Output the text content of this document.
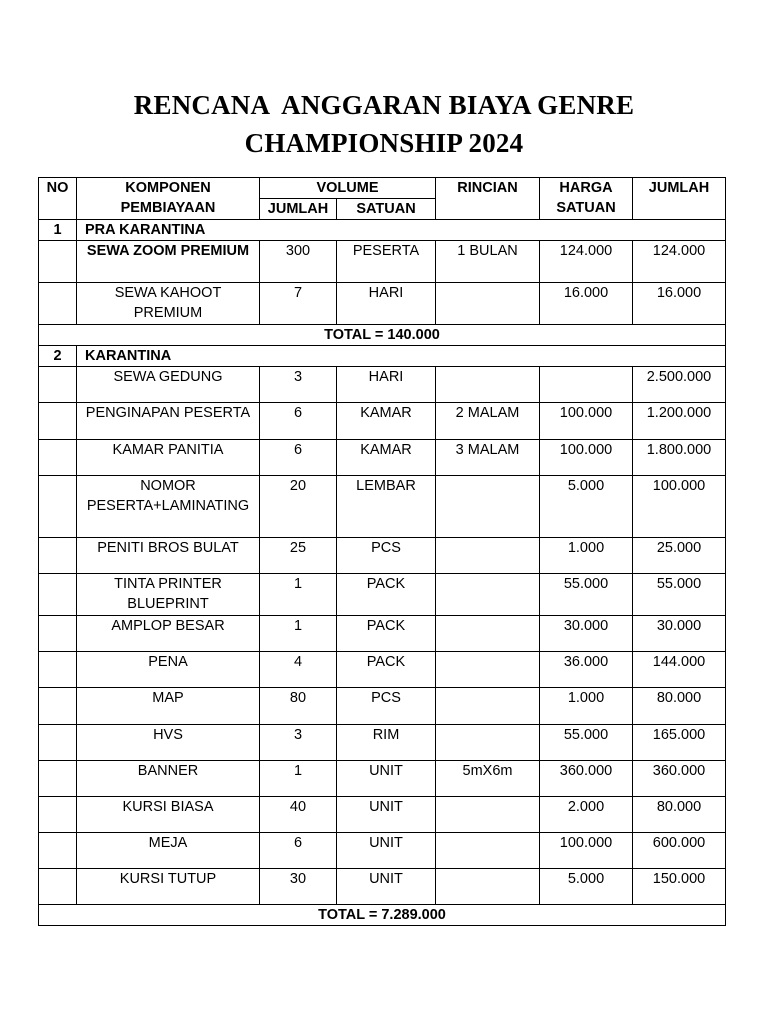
RENCANA  ANGGARAN BIAYA GENRE
CHAMPIONSHIP 2024
NO	KOMPONEN PEMBIAYAAN	VOLUME		RINCIAN	HARGA SATUAN	JUMLAH
		JUMLAH	SATUAN			
1	PRA KARANTINA					
	SEWA ZOOM PREMIUM	300	PESERTA	1 BULAN	124.000	124.000
	SEWA KAHOOT PREMIUM	7	HARI		16.000	16.000
TOTAL = 140.000						
2	KARANTINA					
	SEWA GEDUNG	3	HARI			2.500.000
	PENGINAPAN PESERTA	6	KAMAR	2 MALAM	100.000	1.200.000
	KAMAR PANITIA	6	KAMAR	3 MALAM	100.000	1.800.000
	NOMOR PESERTA+LAMINATING	20	LEMBAR		5.000	100.000
	PENITI BROS BULAT	25	PCS		1.000	25.000
	TINTA PRINTER BLUEPRINT	1	PACK		55.000	55.000
	AMPLOP BESAR	1	PACK		30.000	30.000
	PENA	4	PACK		36.000	144.000
	MAP	80	PCS		1.000	80.000
	HVS	3	RIM		55.000	165.000
	BANNER	1	UNIT	5mX6m	360.000	360.000
	KURSI BIASA	40	UNIT		2.000	80.000
	MEJA	6	UNIT		100.000	600.000
	KURSI TUTUP	30	UNIT		5.000	150.000
TOTAL = 7.289.000						
